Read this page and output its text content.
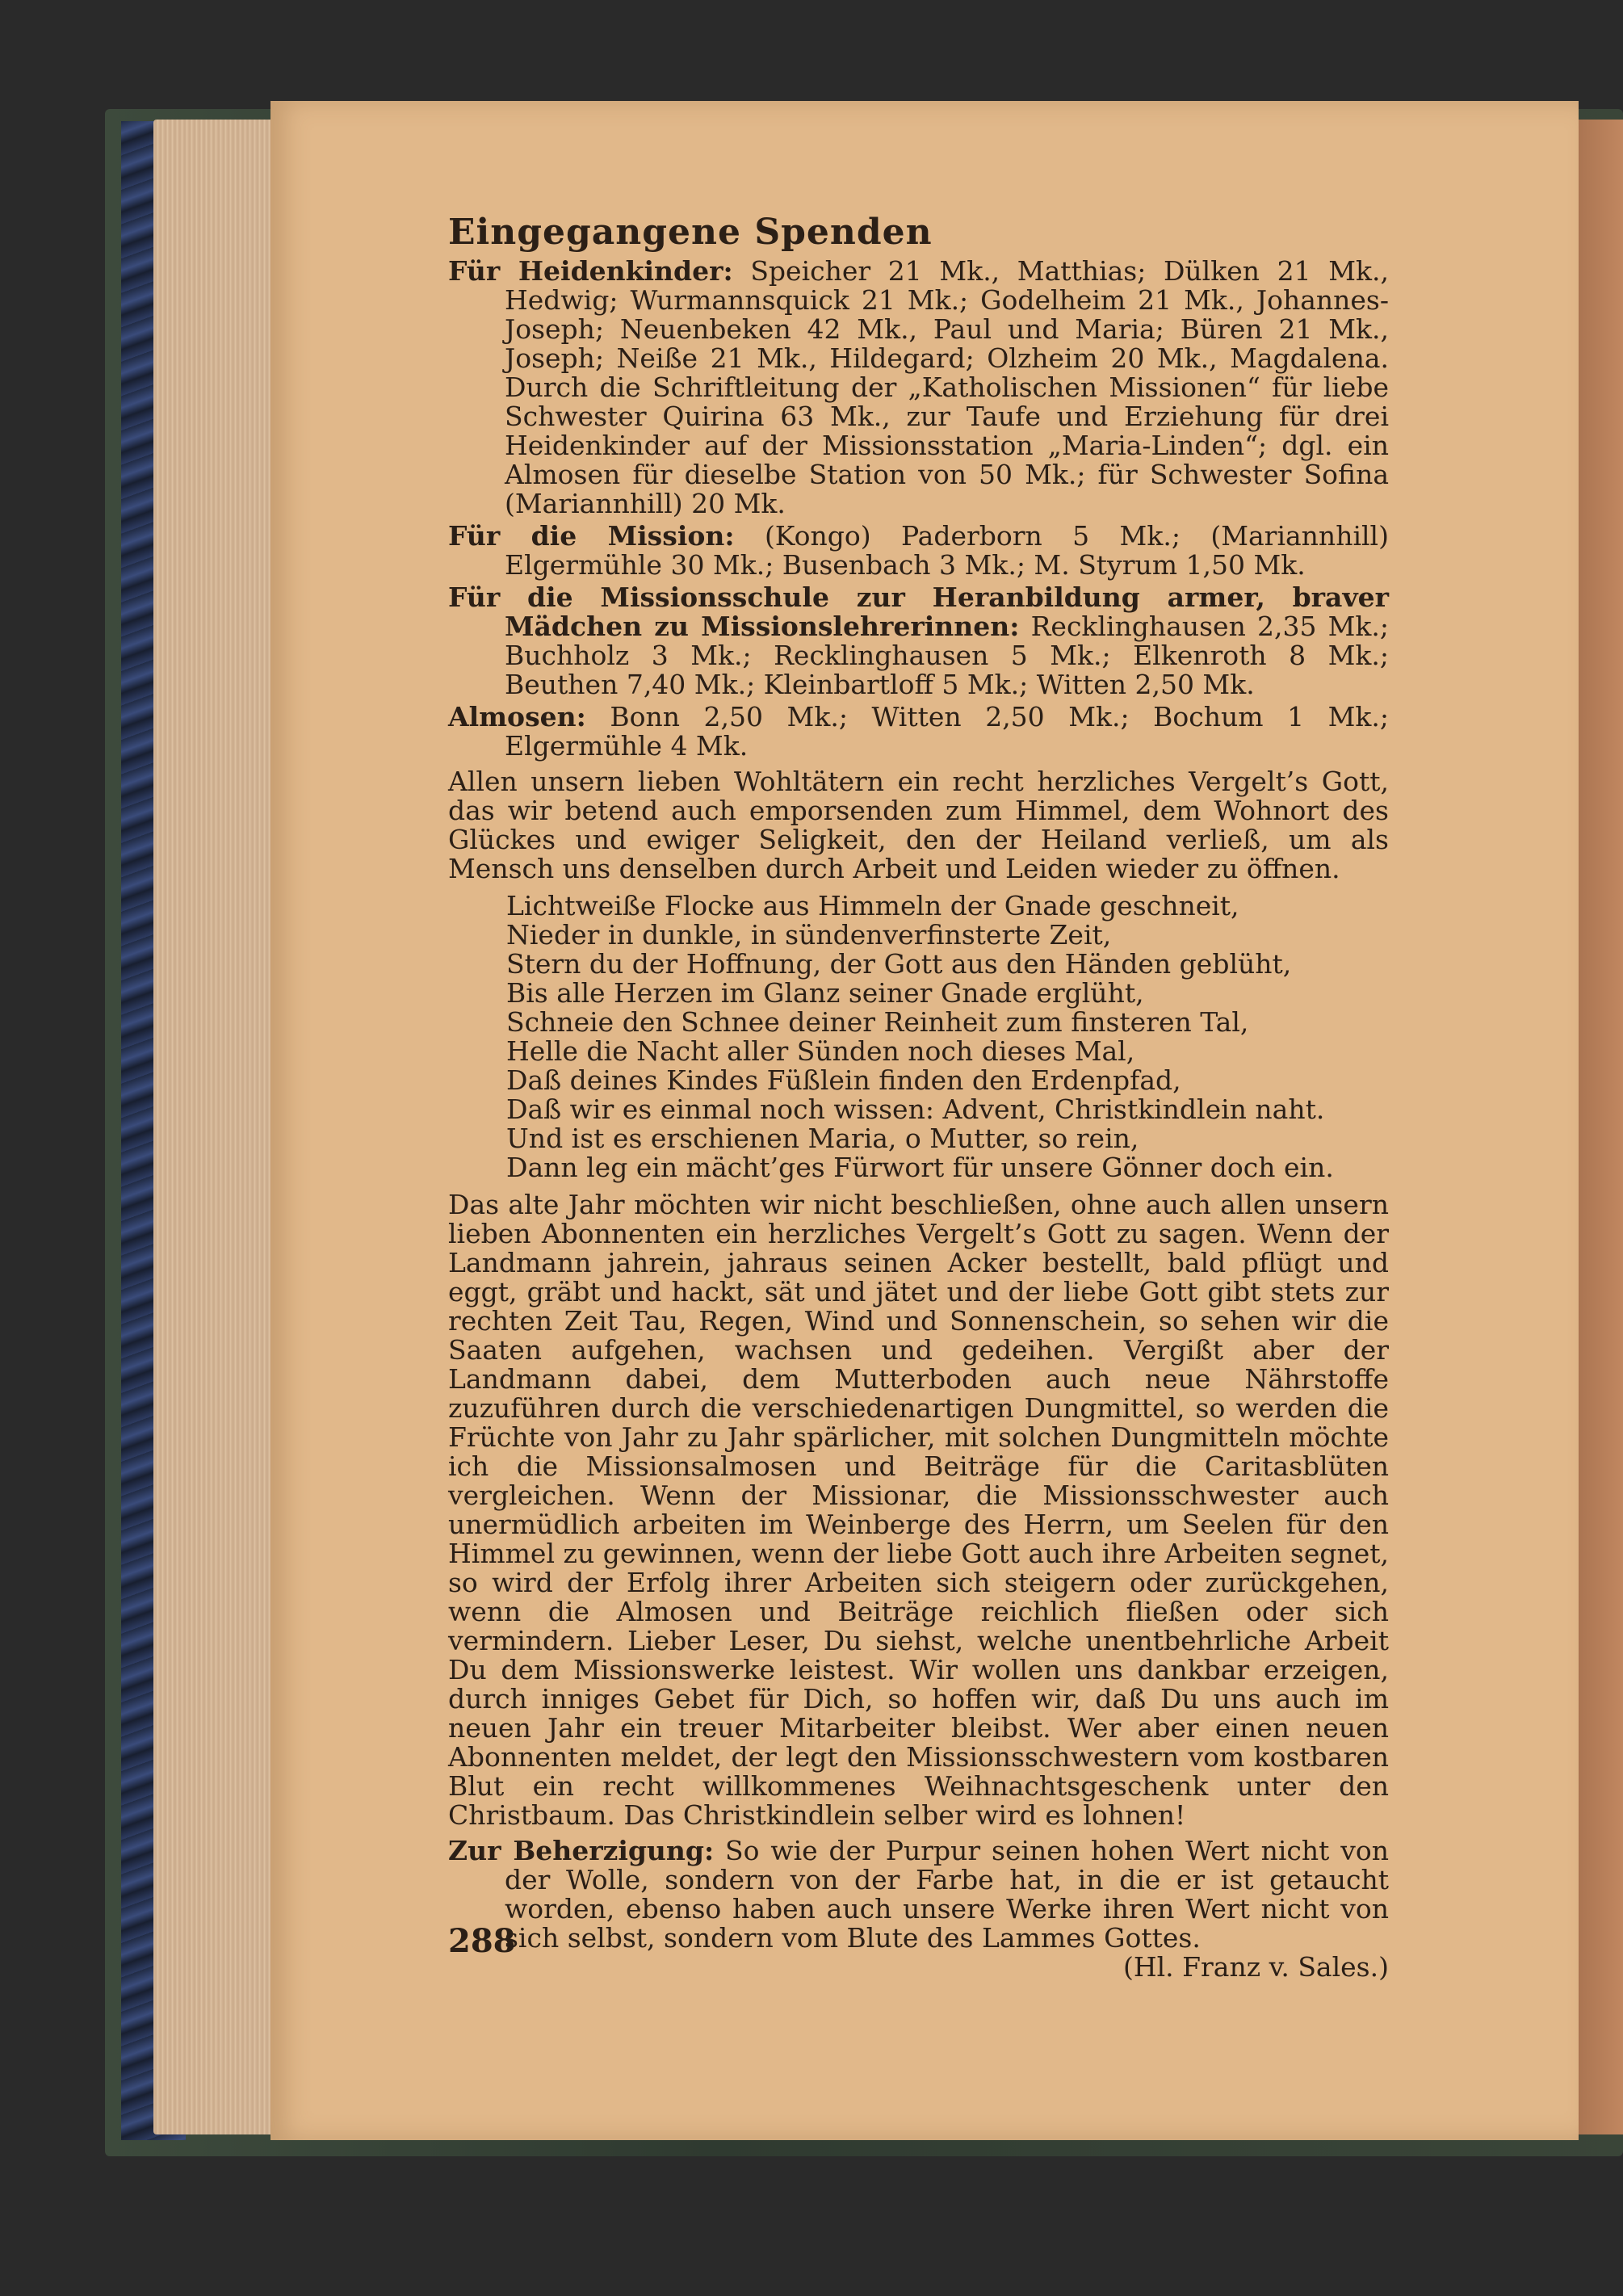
Eingegangene Spenden
Für Heidenkinder: Speicher 21 Mk., Matthias; Dülken 21 Mk., Hedwig; Wurmannsquick 21 Mk.; Godelheim 21 Mk., Johannes-Joseph; Neuenbeken 42 Mk., Paul und Maria; Büren 21 Mk., Joseph; Neiße 21 Mk., Hildegard; Olzheim 20 Mk., Magdalena. Durch die Schriftleitung der „Katholischen Missionen“ für liebe Schwester Quirina 63 Mk., zur Taufe und Erziehung für drei Heidenkinder auf der Missionsstation „Maria-Linden“; dgl. ein Almosen für dieselbe Station von 50 Mk.; für Schwester Sofina (Mariannhill) 20 Mk.
Für die Mission: (Kongo) Paderborn 5 Mk.; (Mariannhill) Elgermühle 30 Mk.; Busenbach 3 Mk.; M. Styrum 1,50 Mk.
Für die Missionsschule zur Heranbildung armer, braver Mädchen zu Missionslehrerinnen: Recklinghausen 2,35 Mk.; Buchholz 3 Mk.; Recklinghausen 5 Mk.; Elkenroth 8 Mk.; Beuthen 7,40 Mk.; Kleinbartloff 5 Mk.; Witten 2,50 Mk.
Almosen: Bonn 2,50 Mk.; Witten 2,50 Mk.; Bochum 1 Mk.; Elgermühle 4 Mk.
Allen unsern lieben Wohltätern ein recht herzliches Vergelt’s Gott, das wir betend auch emporsenden zum Himmel, dem Wohnort des Glückes und ewiger Seligkeit, den der Heiland verließ, um als Mensch uns denselben durch Arbeit und Leiden wieder zu öffnen.
Lichtweiße Flocke aus Himmeln der Gnade geschneit,
Nieder in dunkle, in sündenverfinsterte Zeit,
Stern du der Hoffnung, der Gott aus den Händen geblüht,
Bis alle Herzen im Glanz seiner Gnade erglüht,
Schneie den Schnee deiner Reinheit zum finsteren Tal,
Helle die Nacht aller Sünden noch dieses Mal,
Daß deines Kindes Füßlein finden den Erdenpfad,
Daß wir es einmal noch wissen: Advent, Christkindlein naht.
Und ist es erschienen Maria, o Mutter, so rein,
Dann leg ein mächt’ges Fürwort für unsere Gönner doch ein.
Das alte Jahr möchten wir nicht beschließen, ohne auch allen unsern lieben Abonnenten ein herzliches Vergelt’s Gott zu sagen. Wenn der Landmann jahrein, jahraus seinen Acker bestellt, bald pflügt und eggt, gräbt und hackt, sät und jätet und der liebe Gott gibt stets zur rechten Zeit Tau, Regen, Wind und Sonnenschein, so sehen wir die Saaten aufgehen, wachsen und gedeihen. Vergißt aber der Landmann dabei, dem Mutterboden auch neue Nährstoffe zuzuführen durch die verschiedenartigen Dungmittel, so werden die Früchte von Jahr zu Jahr spärlicher, mit solchen Dungmitteln möchte ich die Missionsalmosen und Beiträge für die Caritasblüten vergleichen. Wenn der Missionar, die Missionsschwester auch unermüdlich arbeiten im Weinberge des Herrn, um Seelen für den Himmel zu gewinnen, wenn der liebe Gott auch ihre Arbeiten segnet, so wird der Erfolg ihrer Arbeiten sich steigern oder zurückgehen, wenn die Almosen und Beiträge reichlich fließen oder sich vermindern. Lieber Leser, Du siehst, welche unentbehrliche Arbeit Du dem Missionswerke leistest. Wir wollen uns dankbar erzeigen, durch inniges Gebet für Dich, so hoffen wir, daß Du uns auch im neuen Jahr ein treuer Mitarbeiter bleibst. Wer aber einen neuen Abonnenten meldet, der legt den Missionsschwestern vom kostbaren Blut ein recht willkommenes Weihnachtsgeschenk unter den Christbaum. Das Christkindlein selber wird es lohnen!
Zur Beherzigung: So wie der Purpur seinen hohen Wert nicht von der Wolle, sondern von der Farbe hat, in die er ist getaucht worden, ebenso haben auch unsere Werke ihren Wert nicht von sich selbst, sondern vom Blute des Lammes Gottes.
(Hl. Franz v. Sales.)
288
